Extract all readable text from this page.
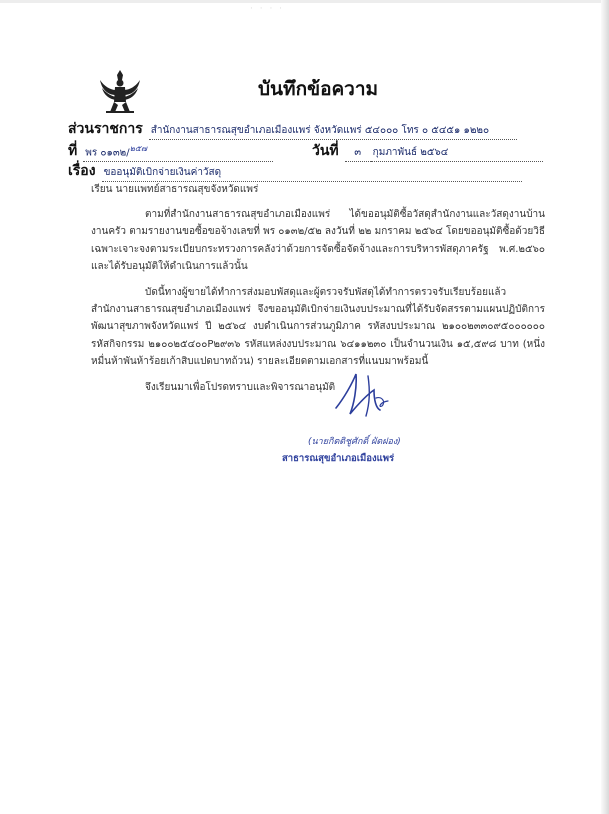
· · · ·
บันทึกข้อความ
ส่วนราชการ สำนักงานสาธารณสุขอำเภอเมืองแพร่ จังหวัดแพร่ ๕๔๐๐๐ โทร ๐ ๕๔๕๑ ๑๒๒๐
ที่ พร ๐๑๓๒/$^{๒๕๗}$	วันที่	๓	กุมภาพันธ์ ๒๕๖๔
เรื่อง ขออนุมัติเบิกจ่ายเงินค่าวัสดุ
เรียน นายแพทย์สาธารณสุขจังหวัดแพร่
ตามที่สำนักงานสาธารณสุขอำเภอเมืองแพร่ ได้ขออนุมัติซื้อวัสดุสำนักงานและวัสดุงานบ้านงานครัว ตามรายงานขอซื้อขอจ้างเลขที่ พร ๐๑๓๒/๕๒ ลงวันที่ ๒๒ มกราคม ๒๕๖๔ โดยขออนุมัติซื้อด้วยวิธีเฉพาะเจาะจงตามระเบียบกระทรวงการคลังว่าด้วยการจัดซื้อจัดจ้างและการบริหารพัสดุภาครัฐ พ.ศ.๒๕๖๐ และได้รับอนุมัติให้ดำเนินการแล้วนั้น
บัดนี้ทางผู้ขายได้ทำการส่งมอบพัสดุและผู้ตรวจรับพัสดุได้ทำการตรวจรับเรียบร้อยแล้ว สำนักงานสาธารณสุขอำเภอเมืองแพร่ จึงขออนุมัติเบิกจ่ายเงินงบประมาณที่ได้รับจัดสรรตามแผนปฏิบัติการพัฒนาสุขภาพจังหวัดแพร่ ปี ๒๕๖๔ งบดำเนินการส่วนภูมิภาค รหัสงบประมาณ ๒๑๐๐๒๓๓๐๙๕๐๐๐๐๐๐ รหัสกิจกรรม ๒๑๐๐๒๕๔๐๐P๒๙๓๖ รหัสแหล่งงบประมาณ ๖๔๑๑๒๓๐ เป็นจำนวนเงิน ๑๕,๕๙๘ บาท (หนึ่งหมื่นห้าพันห้าร้อยเก้าสิบแปดบาทถ้วน) รายละเอียดตามเอกสารที่แนบมาพร้อมนี้
จึงเรียนมาเพื่อโปรดทราบและพิจารณาอนุมัติ
(นายกิตติชูศักดิ์ ผัดฝอง)
สาธารณสุขอำเภอเมืองแพร่
